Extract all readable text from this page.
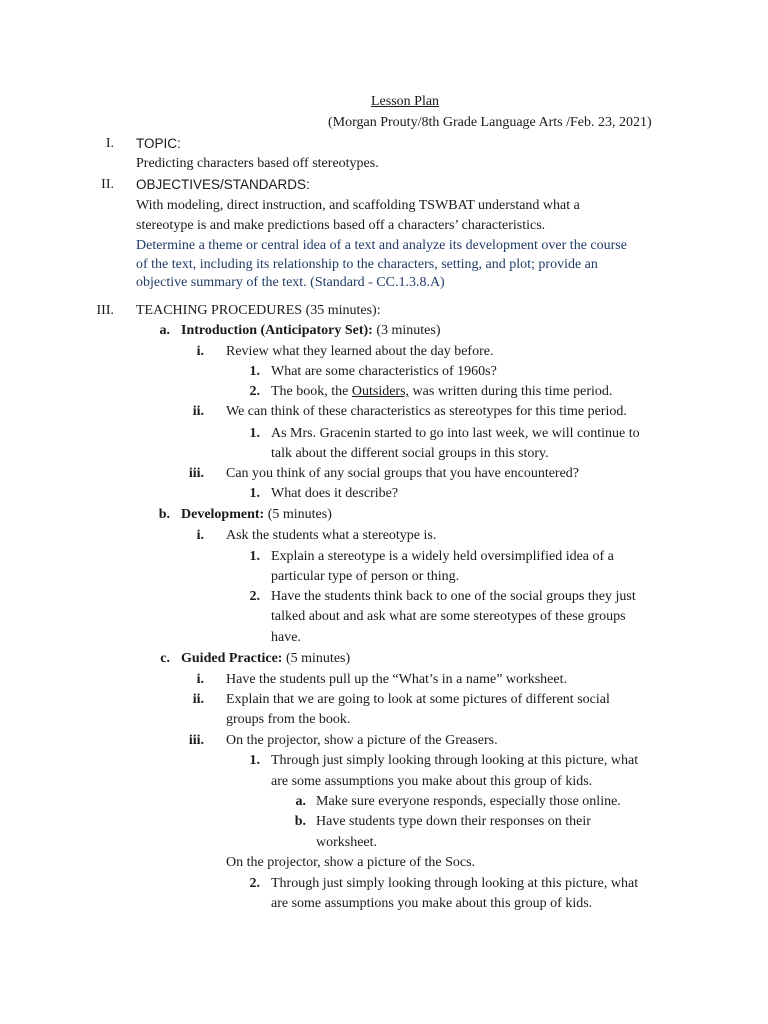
Lesson Plan

(Morgan Prouty/8th Grade Language Arts /Feb. 23, 2021)

I. TOPIC:

Predicting characters based off stereotypes.

II. OBJECTIVES/STANDARDS:

With modeling, direct instruction, and scaffolding TSWBAT understand what a

stereotype is and make predictions based off a characters’ characteristics.

Determine a theme or central idea of a text and analyze its development over the course

of the text, including its relationship to the characters, setting, and plot; provide an

objective summary of the text. (Standard - CC.1.3.8.A)

III. TEACHING PROCEDURES (35 minutes):

a. Introduction (Anticipatory Set): (3 minutes)

i. Review what they learned about the day before.

1. What are some characteristics of 1960s?

2. The book, the Outsiders, was written during this time period.

ii. We can think of these characteristics as stereotypes for this time period.

1. As Mrs. Gracenin started to go into last week, we will continue to

talk about the different social groups in this story.

iii. Can you think of any social groups that you have encountered?

1. What does it describe?

b. Development: (5 minutes)

i. Ask the students what a stereotype is.

1. Explain a stereotype is a widely held oversimplified idea of a

particular type of person or thing.

2. Have the students think back to one of the social groups they just

talked about and ask what are some stereotypes of these groups

have.

c. Guided Practice: (5 minutes)

i. Have the students pull up the “What’s in a name” worksheet.

ii. Explain that we are going to look at some pictures of different social

groups from the book.

iii. On the projector, show a picture of the Greasers.

1. Through just simply looking through looking at this picture, what

are some assumptions you make about this group of kids.

a. Make sure everyone responds, especially those online.

b. Have students type down their responses on their

worksheet.

On the projector, show a picture of the Socs.

2. Through just simply looking through looking at this picture, what

are some assumptions you make about this group of kids.
